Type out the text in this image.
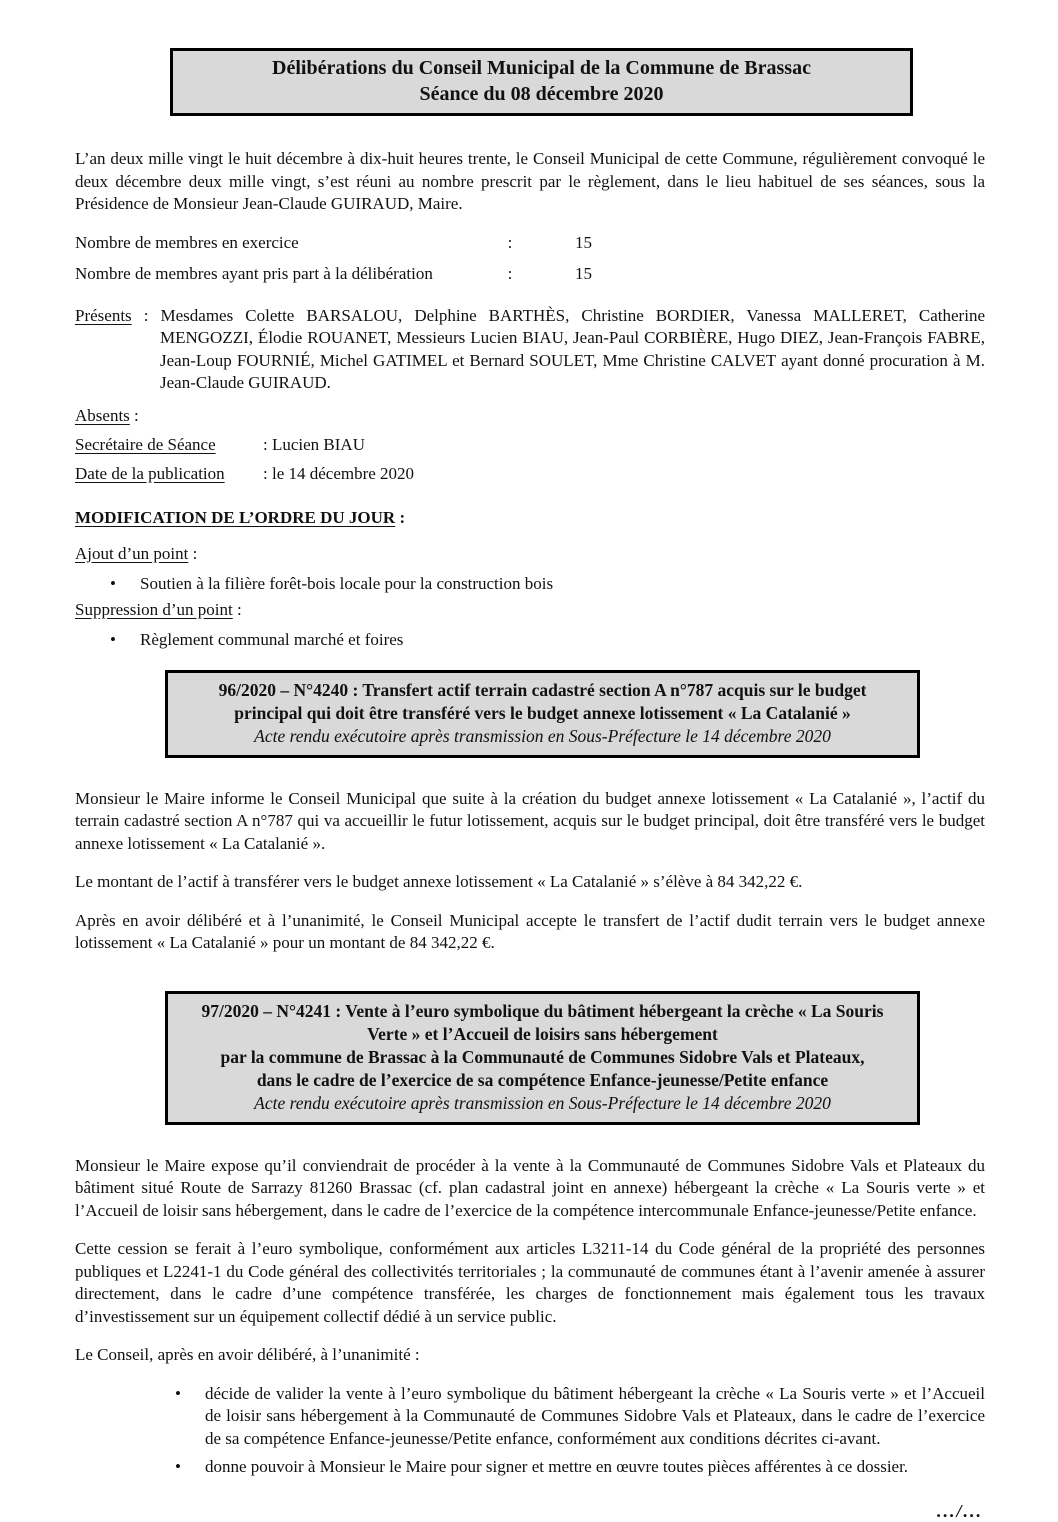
Délibérations du Conseil Municipal de la Commune de Brassac
Séance du 08 décembre 2020

L’an deux mille vingt le huit décembre à dix-huit heures trente, le Conseil Municipal de cette Commune, régulièrement convoqué le deux décembre deux mille vingt, s’est réuni au nombre prescrit par le règlement, dans le lieu habituel de ses séances, sous la Présidence de Monsieur Jean-Claude GUIRAUD, Maire.

Nombre de membres en exercice	:	15
Nombre de membres ayant pris part à la délibération	:	15

Présents : Mesdames Colette BARSALOU, Delphine BARTHÈS, Christine BORDIER, Vanessa MALLERET, Catherine MENGOZZI, Élodie ROUANET, Messieurs Lucien BIAU, Jean-Paul CORBIÈRE, Hugo DIEZ, Jean-François FABRE, Jean-Loup FOURNIÉ, Michel GATIMEL et Bernard SOULET, Mme Christine CALVET ayant donné procuration à M. Jean-Claude GUIRAUD.

Absents :
Secrétaire de Séance	: Lucien BIAU
Date de la publication : le 14 décembre 2020
MODIFICATION DE L’ORDRE DU JOUR :
Ajout d’un point :
• Soutien à la filière forêt-bois locale pour la construction bois
Suppression d’un point :
• Règlement communal marché et foires
96/2020 – N°4240 : Transfert actif terrain cadastré section A n°787 acquis sur le budget principal qui doit être transféré vers le budget annexe lotissement « La Catalanié »
Acte rendu exécutoire après transmission en Sous-Préfecture le 14 décembre 2020

Monsieur le Maire informe le Conseil Municipal que suite à la création du budget annexe lotissement « La Catalanié », l’actif du terrain cadastré section A n°787 qui va accueillir le futur lotissement, acquis sur le budget principal, doit être transféré vers le budget annexe lotissement « La Catalanié ».

Le montant de l’actif à transférer vers le budget annexe lotissement « La Catalanié » s’élève à 84 342,22 €.

Après en avoir délibéré et à l’unanimité, le Conseil Municipal accepte le transfert de l’actif dudit terrain vers le budget annexe lotissement « La Catalanié » pour un montant de 84 342,22 €.

97/2020 – N°4241 : Vente à l’euro symbolique du bâtiment hébergeant la crèche « La Souris Verte » et l’Accueil de loisirs sans hébergement
par la commune de Brassac à la Communauté de Communes Sidobre Vals et Plateaux,
dans le cadre de l’exercice de sa compétence Enfance-jeunesse/Petite enfance
Acte rendu exécutoire après transmission en Sous-Préfecture le 14 décembre 2020

Monsieur le Maire expose qu’il conviendrait de procéder à la vente à la Communauté de Communes Sidobre Vals et Plateaux du bâtiment situé Route de Sarrazy 81260 Brassac (cf. plan cadastral joint en annexe) hébergeant la crèche « La Souris verte » et l’Accueil de loisir sans hébergement, dans le cadre de l’exercice de la compétence intercommunale Enfance-jeunesse/Petite enfance.

Cette cession se ferait à l’euro symbolique, conformément aux articles L3211-14 du Code général de la propriété des personnes publiques et L2241-1 du Code général des collectivités territoriales ; la communauté de communes étant à l’avenir amenée à assurer directement, dans le cadre d’une compétence transférée, les charges de fonctionnement mais également tous les travaux d’investissement sur un équipement collectif dédié à un service public.

Le Conseil, après en avoir délibéré, à l’unanimité :

• décide de valider la vente à l’euro symbolique du bâtiment hébergeant la crèche « La Souris verte » et l’Accueil de loisir sans hébergement à la Communauté de Communes Sidobre Vals et Plateaux, dans le cadre de l’exercice de sa compétence Enfance-jeunesse/Petite enfance, conformément aux conditions décrites ci-avant.
• donne pouvoir à Monsieur le Maire pour signer et mettre en œuvre toutes pièces afférentes à ce dossier.
.../...
